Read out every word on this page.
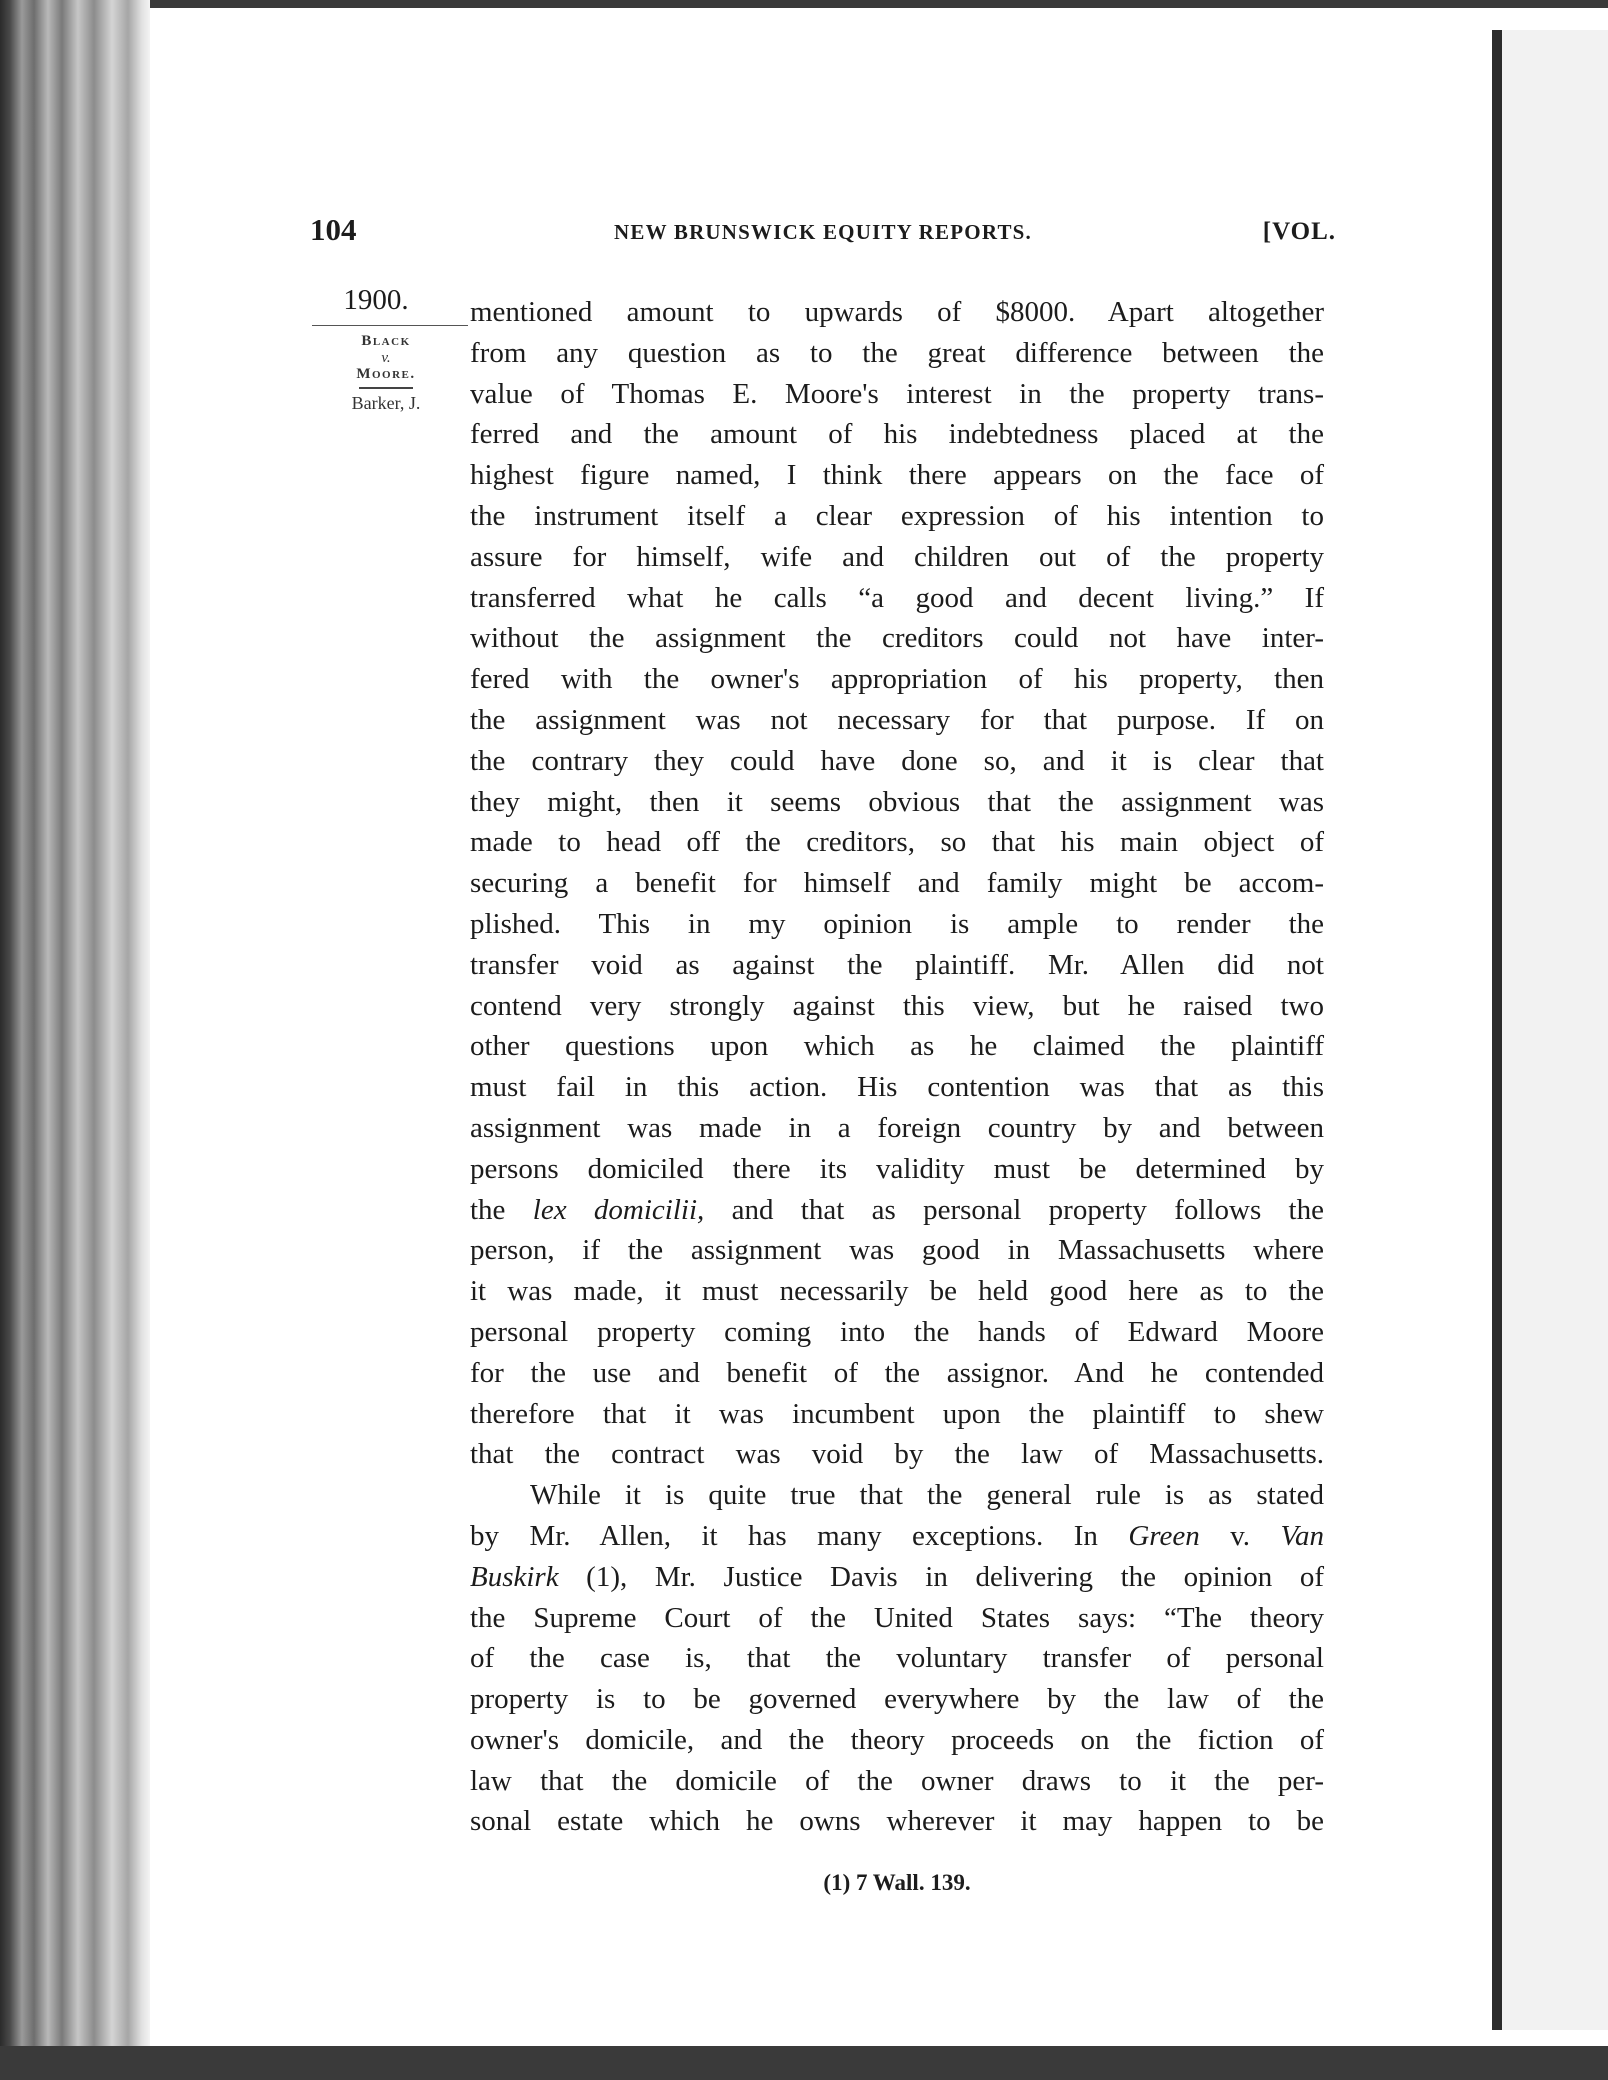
104	NEW BRUNSWICK EQUITY REPORTS.	[VOL.
1900.
Black
v.
Moore.
Barker, J.
mentioned amount to upwards of $8000. Apart altogether
from any question as to the great difference between the
value of Thomas E. Moore's interest in the property trans-
ferred and the amount of his indebtedness placed at the
highest figure named, I think there appears on the face of
the instrument itself a clear expression of his intention to
assure for himself, wife and children out of the property
transferred what he calls “a good and decent living.” If
without the assignment the creditors could not have inter-
fered with the owner's appropriation of his property, then
the assignment was not necessary for that purpose. If on
the contrary they could have done so, and it is clear that
they might, then it seems obvious that the assignment was
made to head off the creditors, so that his main object of
securing a benefit for himself and family might be accom-
plished. This in my opinion is ample to render the
transfer void as against the plaintiff. Mr. Allen did not
contend very strongly against this view, but he raised two
other questions upon which as he claimed the plaintiff
must fail in this action. His contention was that as this
assignment was made in a foreign country by and between
persons domiciled there its validity must be determined by
the lex domicilii, and that as personal property follows the
person, if the assignment was good in Massachusetts where
it was made, it must necessarily be held good here as to the
personal property coming into the hands of Edward Moore
for the use and benefit of the assignor. And he contended
therefore that it was incumbent upon the plaintiff to shew
that the contract was void by the law of Massachusetts.
While it is quite true that the general rule is as stated
by Mr. Allen, it has many exceptions. In Green v. Van
Buskirk (1), Mr. Justice Davis in delivering the opinion of
the Supreme Court of the United States says: “The theory
of the case is, that the voluntary transfer of personal
property is to be governed everywhere by the law of the
owner's domicile, and the theory proceeds on the fiction of
law that the domicile of the owner draws to it the per-
sonal estate which he owns wherever it may happen to be
(1) 7 Wall. 139.
